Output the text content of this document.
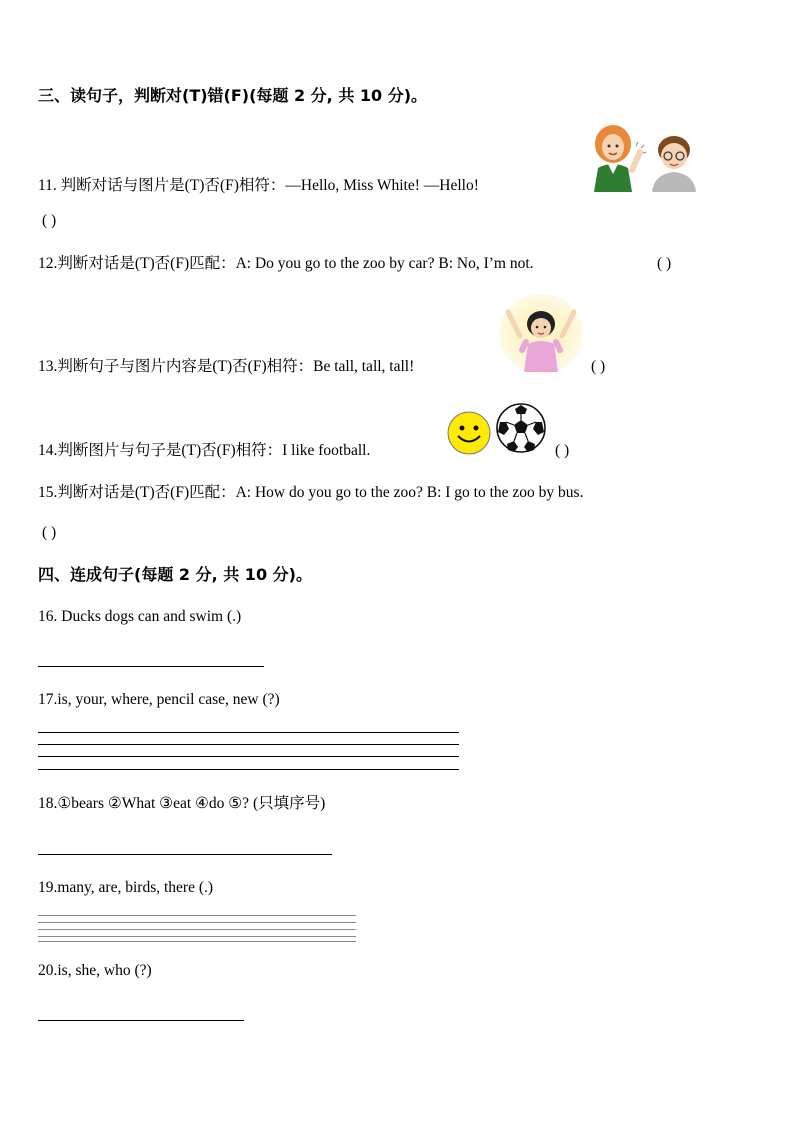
三、读句子，判断对(T)错(F)(每题 2 分, 共 10 分)。
11. 判断对话与图片是(T)否(F)相符：—Hello, Miss White! —Hello!
( )
12.判断对话是(T)否(F)匹配：A: Do you go to the zoo by car? B: No, I’m not.	( )
13.判断句子与图片内容是(T)否(F)相符：Be tall, tall, tall!	( )
14.判断图片与句子是(T)否(F)相符：I like football.	( )
15.判断对话是(T)否(F)匹配：A: How do you go to the zoo? B: I go to the zoo by bus.
( )
四、连成句子(每题 2 分, 共 10 分)。
16. Ducks dogs can and swim (.)
17.is, your, where, pencil case, new (?)
18.①bears ②What ③eat ④do ⑤? (只填序号)
19.many, are, birds, there (.)
20.is, she, who (?)
